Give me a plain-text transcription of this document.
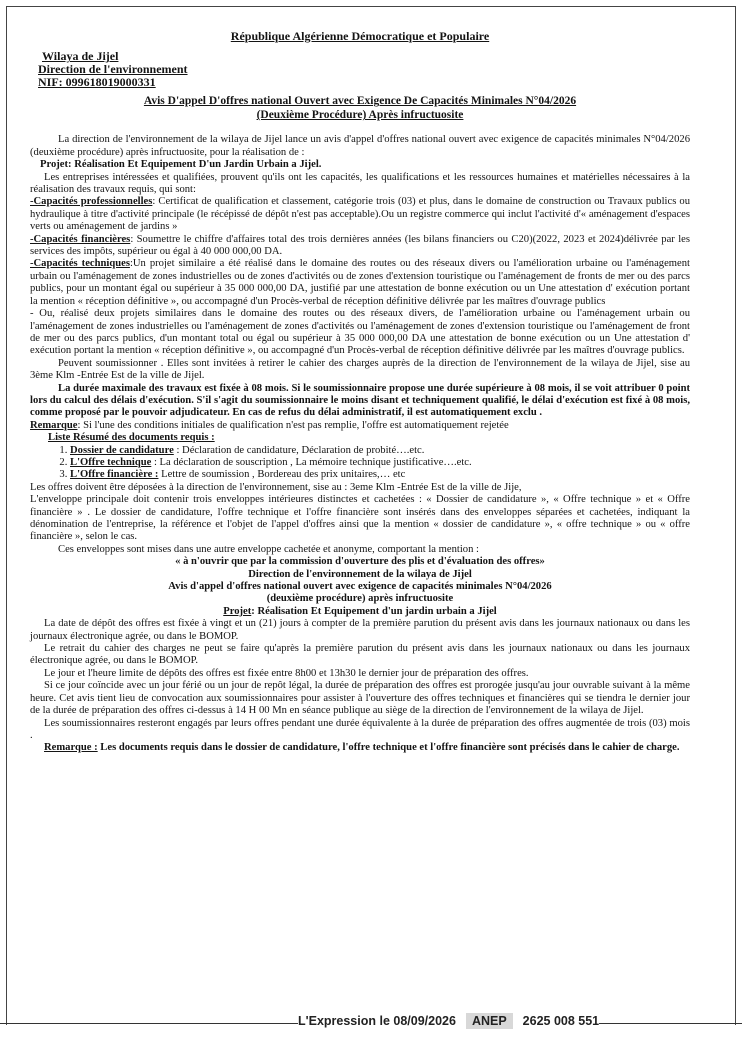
République Algérienne Démocratique et Populaire
Wilaya de Jijel
Direction de l'environnement
NIF: 099618019000331
Avis D'appel D'offres national Ouvert avec Exigence De Capacités Minimales N°04/2026
(Deuxième Procédure) Après infructuosite

La direction de l'environnement de la wilaya de Jijel lance un avis d'appel d'offres national ouvert avec exigence de capacités minimales N°04/2026 (deuxième procédure) après infructuosite, pour la réalisation de :

Projet: Réalisation Et Equipement D'un Jardin Urbain a Jijel.

Les entreprises intéressées et qualifiées, prouvent qu'ils ont les capacités, les qualifications et les ressources humaines et matérielles nécessaires à la réalisation des travaux requis, qui sont:

-Capacités professionnelles: Certificat de qualification et classement, catégorie trois (03) et plus, dans le domaine de construction ou Travaux publics ou hydraulique à titre d'activité principale (le récépissé de dépôt n'est pas acceptable).Ou un registre commerce qui inclut l'activité d'« aménagement d'espaces verts ou aménagement de jardins »

-Capacités financières: Soumettre le chiffre d'affaires total des trois dernières années (les bilans financiers ou C20)(2022, 2023 et 2024)délivrée par les services des impôts, supérieur ou égal à 40 000 000,00 DA.

-Capacités techniques:Un projet similaire a été réalisé dans le domaine des routes ou des réseaux divers ou l'amélioration urbaine ou l'aménagement urbain ou l'aménagement de zones industrielles ou de zones d'activités ou de zones d'extension touristique ou l'aménagement de fronts de mer ou des parcs publics, pour un montant égal ou supérieur à 35 000 000,00 DA, justifié par une attestation de bonne exécution ou un Une attestation d' exécution portant la mention « réception définitive », ou accompagné d'un Procès-verbal de réception définitive délivrée par les maîtres d'ouvrage publics

- Ou, réalisé deux projets similaires dans le domaine des routes ou des réseaux divers, de l'amélioration urbaine ou l'aménagement urbain ou l'aménagement de zones industrielles ou l'aménagement de zones d'activités ou l'aménagement de zones d'extension touristique ou l'aménagement de front de mer ou des parcs publics, d'un montant total ou égal ou supérieur à 35 000 000,00 DA une attestation de bonne exécution ou un Une attestation d' exécution portant la mention « réception définitive », ou accompagné d'un Procès-verbal de réception définitive délivrée par les maîtres d'ouvrage publics.

Peuvent soumissionner . Elles sont invitées à retirer le cahier des charges auprès de la direction de l'environnement de la wilaya de Jijel, sise au 3ème Klm -Entrée Est de la ville de Jijel.

La durée maximale des travaux est fixée à 08 mois. Si le soumissionnaire propose une durée supérieure à 08 mois, il se voit attribuer 0 point lors du calcul des délais d'exécution. S'il s'agit du soumissionnaire le moins disant et techniquement qualifié, le délai d'exécution est fixé à 08 mois, comme proposé par le pouvoir adjudicateur. En cas de refus du délai administratif, il est automatiquement exclu .

Remarque: Si l'une des conditions initiales de qualification n'est pas remplie, l'offre est automatiquement rejetée

Liste Résumé des documents requis :

1. Dossier de candidature : Déclaration de candidature, Déclaration de probité….etc.
2. L'Offre technique : La déclaration de souscription , La mémoire technique justificative….etc.
3. L'Offre financière : Lettre de soumission , Bordereau des prix unitaires,… etc

Les offres doivent être déposées à la direction de l'environnement, sise au : 3eme Klm -Entrée Est de la ville de Jije,

L'enveloppe principale doit contenir trois enveloppes intérieures distinctes et cachetées : « Dossier de candidature », « Offre technique » et « Offre financière » . Le dossier de candidature, l'offre technique et l'offre financière sont insérés dans des enveloppes séparées et cachetées, indiquant la dénomination de l'entreprise, la référence et l'objet de l'appel d'offres ainsi que la mention « dossier de candidature », « offre technique » ou « offre financière », selon le cas.

Ces enveloppes sont mises dans une autre enveloppe cachetée et anonyme, comportant la mention :

« à n'ouvrir que par la commission d'ouverture des plis et d'évaluation des offres»
Direction de l'environnement de la wilaya de Jijel
Avis d'appel d'offres national ouvert avec exigence de capacités minimales N°04/2026
(deuxième procédure) après infructuosite
Projet: Réalisation Et Equipement d'un jardin urbain a Jijel

La date de dépôt des offres est fixée à vingt et un (21) jours à compter de la première parution du présent avis dans les journaux nationaux ou dans les journaux électronique agrée, ou dans le BOMOP.

Le retrait du cahier des charges ne peut se faire qu'après la première parution du présent avis dans les journaux nationaux ou dans les journaux électronique agrée, ou dans le BOMOP.

Le jour et l'heure limite de dépôts des offres est fixée entre 8h00 et 13h30 le dernier jour de préparation des offres.

Si ce jour coïncide avec un jour férié ou un jour de repôt légal, la durée de préparation des offres est prorogée jusqu'au jour ouvrable suivant à la même heure. Cet avis tient lieu de convocation aux soumissionnaires pour assister à l'ouverture des offres techniques et financières qui se tiendra le dernier jour de la durée de préparation des offres ci-dessus à 14 H 00 Mn en séance publique au siège de la direction de l'environnement de la wilaya de Jijel.

Les soumissionnaires resteront engagés par leurs offres pendant une durée équivalente à la durée de préparation des offres augmentée de trois (03) mois .

Remarque : Les documents requis dans le dossier de candidature, l'offre technique et l'offre financière sont précisés dans le cahier de charge.

L'Expression le 08/09/2026	ANEP	2625 008 551
